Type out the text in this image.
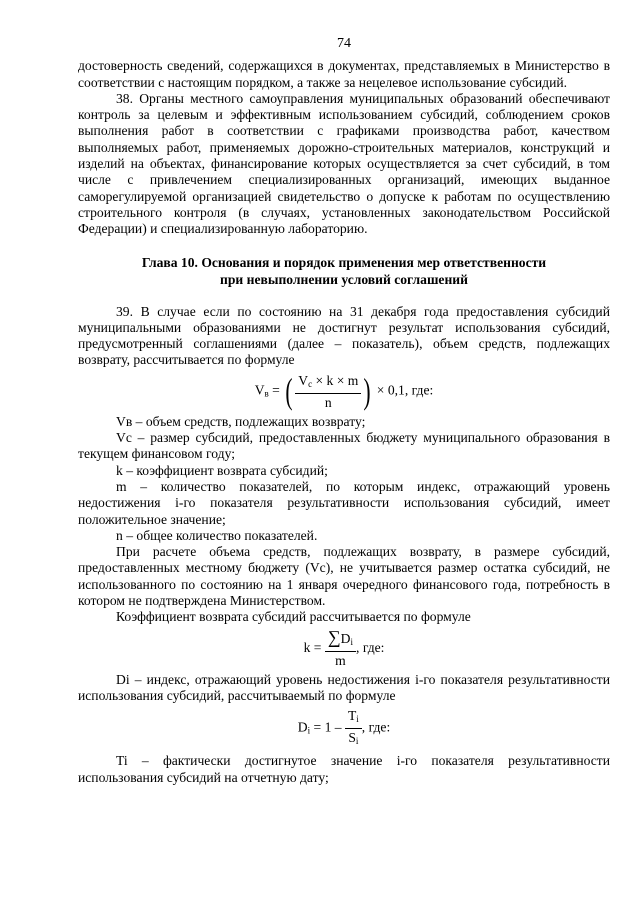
74

достоверность сведений, содержащихся в документах, представляемых в Министерство в соответствии с настоящим порядком, а также за нецелевое использование субсидий.

38. Органы местного самоуправления муниципальных образований обеспечивают контроль за целевым и эффективным использованием субсидий, соблюдением сроков выполнения работ в соответствии с графиками производства работ, качеством выполняемых работ, применяемых дорожно-строительных материалов, конструкций и изделий на объектах, финансирование которых осуществляется за счет субсидий, в том числе с привлечением специализированных организаций, имеющих выданное саморегулируемой организацией свидетельство о допуске к работам по осуществлению строительного контроля (в случаях, установленных законодательством Российской Федерации) и специализированную лабораторию.

Глава 10. Основания и порядок применения мер ответственности
при невыполнении условий соглашений

39. В случае если по состоянию на 31 декабря года предоставления субсидий муниципальными образованиями не достигнут результат использования субсидий, предусмотренный соглашениями (далее – показатель), объем средств, подлежащих возврату, рассчитывается по формуле

$V_в$ = ( $\frac{V_c \times k \times m}{n}$ ) × 0,1, где:

Vв – объем средств, подлежащих возврату;

Vс – размер субсидий, предоставленных бюджету муниципального образования в текущем финансовом году;

k – коэффициент возврата субсидий;

m – количество показателей, по которым индекс, отражающий уровень недостижения i-го показателя результативности использования субсидий, имеет положительное значение;

n – общее количество показателей.

При расчете объема средств, подлежащих возврату, в размере субсидий, предоставленных местному бюджету (Vс), не учитывается размер остатка субсидий, не использованного по состоянию на 1 января очередного финансового года, потребность в котором не подтверждена Министерством.

Коэффициент возврата субсидий рассчитывается по формуле

$k = \frac{\sum D_i}{m}$ , где:

Di – индекс, отражающий уровень недостижения i-го показателя результативности использования субсидий, рассчитываемый по формуле

$D_i = 1 - \frac{T_i}{S_i}$ , где:

Ti – фактически достигнутое значение i-го показателя результативности использования субсидий на отчетную дату;
